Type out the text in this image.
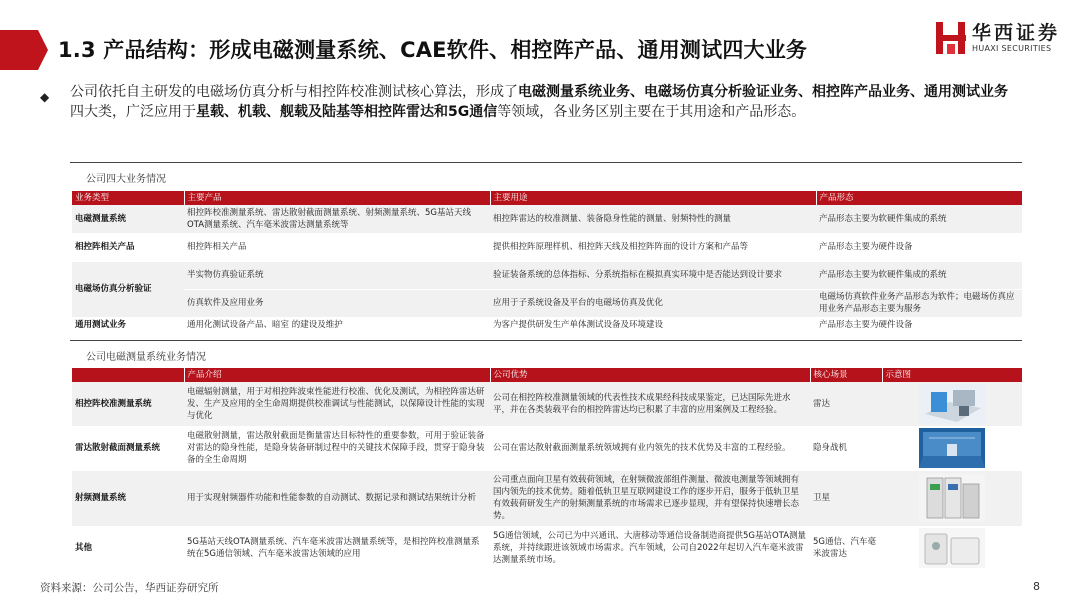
1.3 产品结构：形成电磁测量系统、CAE软件、相控阵产品、通用测试四大业务
华西证券
HUAXI SECURITIES
◆ 公司依托自主研发的电磁场仿真分析与相控阵校准测试核心算法，形成了电磁测量系统业务、电磁场仿真分析验证业务、相控阵产品业务、通用测试业务四大类，广泛应用于星载、机载、舰载及陆基等相控阵雷达和5G通信等领域，各业务区别主要在于其用途和产品形态。
公司四大业务情况
业务类型	主要产品	主要用途	产品形态
电磁测量系统	相控阵校准测量系统、雷达散射截面测量系统、射频测量系统、5G基站天线OTA测量系统、汽车毫米波雷达测量系统等	相控阵雷达的校准测量、装备隐身性能的测量、射频特性的测量	产品形态主要为软硬件集成的系统
相控阵相关产品	相控阵相关产品	提供相控阵原理样机、相控阵天线及相控阵阵面的设计方案和产品等	产品形态主要为硬件设备
电磁场仿真分析验证	半实物仿真验证系统	验证装备系统的总体指标、分系统指标在模拟真实环境中是否能达到设计要求	产品形态主要为软硬件集成的系统
	仿真软件及应用业务	应用于子系统设备及平台的电磁场仿真及优化	电磁场仿真软件业务产品形态为软件；电磁场仿真应用业务产品形态主要为服务
通用测试业务	通用化测试设备产品、暗室 的建设及维护	为客户提供研发生产单体测试设备及环境建设	产品形态主要为硬件设备
公司电磁测量系统业务情况
	产品介绍	公司优势	核心场景	示意图
相控阵校准测量系统	电磁辐射测量，用于对相控阵波束性能进行校准、优化及测试，为相控阵雷达研发、生产及应用的全生命周期提供校准调试与性能测试，以保障设计性能的实现与优化	公司在相控阵校准测量领域的代表性技术成果经科技成果鉴定，已达国际先进水平，并在各类装载平台的相控阵雷达均已积累了丰富的应用案例及工程经验。	雷达	

雷达散射截面测量系统	电磁散射测量，雷达散射截面是衡量雷达目标特性的重要参数，可用于验证装备对雷达的隐身性能，是隐身装备研制过程中的关键技术保障手段，贯穿于隐身装备的全生命周期	公司在雷达散射截面测量系统领域拥有业内领先的技术优势及丰富的工程经验。	隐身战机	

射频测量系统	用于实现射频器件功能和性能参数的自动测试、数据记录和测试结果统计分析	公司重点面向卫星有效载荷领域，在射频微波部组件测量、微波电测量等领域拥有国内领先的技术优势。随着低轨卫星互联网建设工作的逐步开启，服务于低轨卫星有效载荷研发生产的射频测量系统的市场需求已逐步显现，并有望保持快速增长态势。	卫星	

其他	5G基站天线OTA测量系统、汽车毫米波雷达测量系统等，是相控阵校准测量系统在5G通信领域、汽车毫米波雷达领域的应用	5G通信领域，公司已为中兴通讯、大唐移动等通信设备制造商提供5G基站OTA测量系统，并持续跟进该领域市场需求。汽车领域，公司自2022年起切入汽车毫米波雷达测量系统市场。	5G通信、汽车毫米波雷达	
资料来源：公司公告，华西证券研究所	8
